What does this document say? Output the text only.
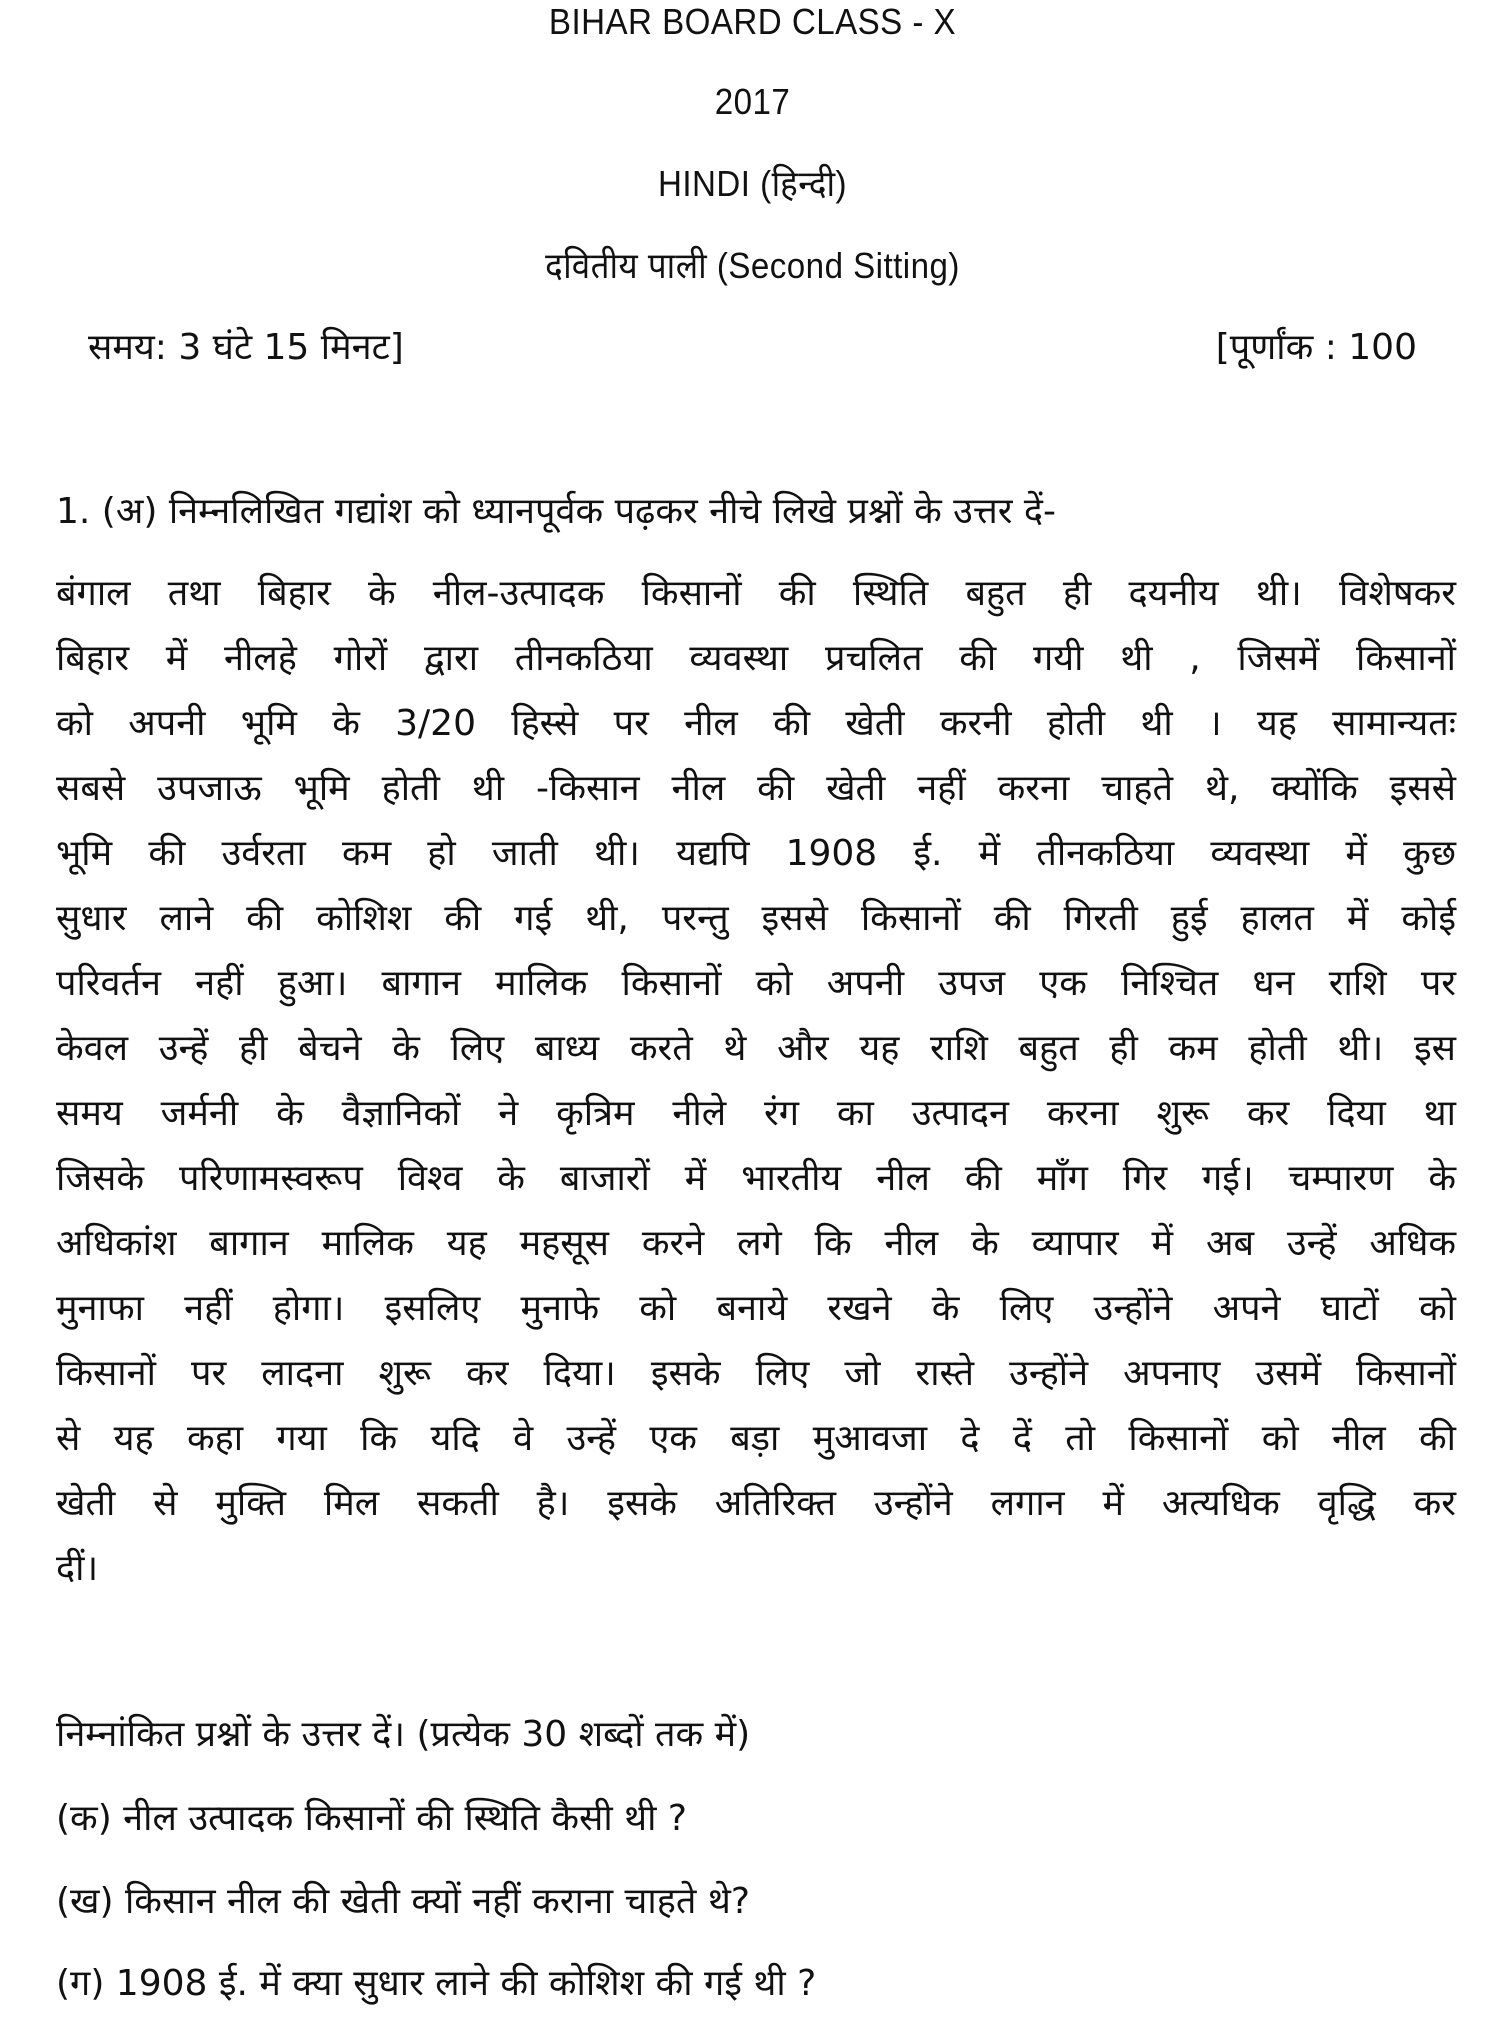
BIHAR BOARD CLASS - X
2017
HINDI (हिन्दी)
दवितीय पाली (Second Sitting)
समय: 3 घंटे 15 मिनट]	[पूर्णांक : 100
1. (अ) निम्नलिखित गद्यांश को ध्यानपूर्वक पढ़कर नीचे लिखे प्रश्नों के उत्तर दें-
बंगाल तथा बिहार के नील-उत्पादक किसानों की स्थिति बहुत ही दयनीय थी। विशेषकर
बिहार में नीलहे गोरों द्वारा तीनकठिया व्यवस्था प्रचलित की गयी थी , जिसमें किसानों
को अपनी भूमि के 3/20 हिस्से पर नील की खेती करनी होती थी । यह सामान्यतः
सबसे उपजाऊ भूमि होती थी -किसान नील की खेती नहीं करना चाहते थे, क्योंकि इससे
भूमि की उर्वरता कम हो जाती थी। यद्यपि 1908 ई. में तीनकठिया व्यवस्था में कुछ
सुधार लाने की कोशिश की गई थी, परन्तु इससे किसानों की गिरती हुई हालत में कोई
परिवर्तन नहीं हुआ। बागान मालिक किसानों को अपनी उपज एक निश्चित धन राशि पर
केवल उन्हें ही बेचने के लिए बाध्य करते थे और यह राशि बहुत ही कम होती थी। इस
समय जर्मनी के वैज्ञानिकों ने कृत्रिम नीले रंग का उत्पादन करना शुरू कर दिया था
जिसके परिणामस्वरूप विश्व के बाजारों में भारतीय नील की माँग गिर गई। चम्पारण के
अधिकांश बागान मालिक यह महसूस करने लगे कि नील के व्यापार में अब उन्हें अधिक
मुनाफा नहीं होगा। इसलिए मुनाफे को बनाये रखने के लिए उन्होंने अपने घाटों को
किसानों पर लादना शुरू कर दिया। इसके लिए जो रास्ते उन्होंने अपनाए उसमें किसानों
से यह कहा गया कि यदि वे उन्हें एक बड़ा मुआवजा दे दें तो किसानों को नील की
खेती से मुक्ति मिल सकती है। इसके अतिरिक्त उन्होंने लगान में अत्यधिक वृद्धि कर
दीं।
निम्नांकित प्रश्नों के उत्तर दें। (प्रत्येक 30 शब्दों तक में)
(क) नील उत्पादक किसानों की स्थिति कैसी थी ?
(ख) किसान नील की खेती क्यों नहीं कराना चाहते थे?
(ग) 1908 ई. में क्या सुधार लाने की कोशिश की गई थी ?
